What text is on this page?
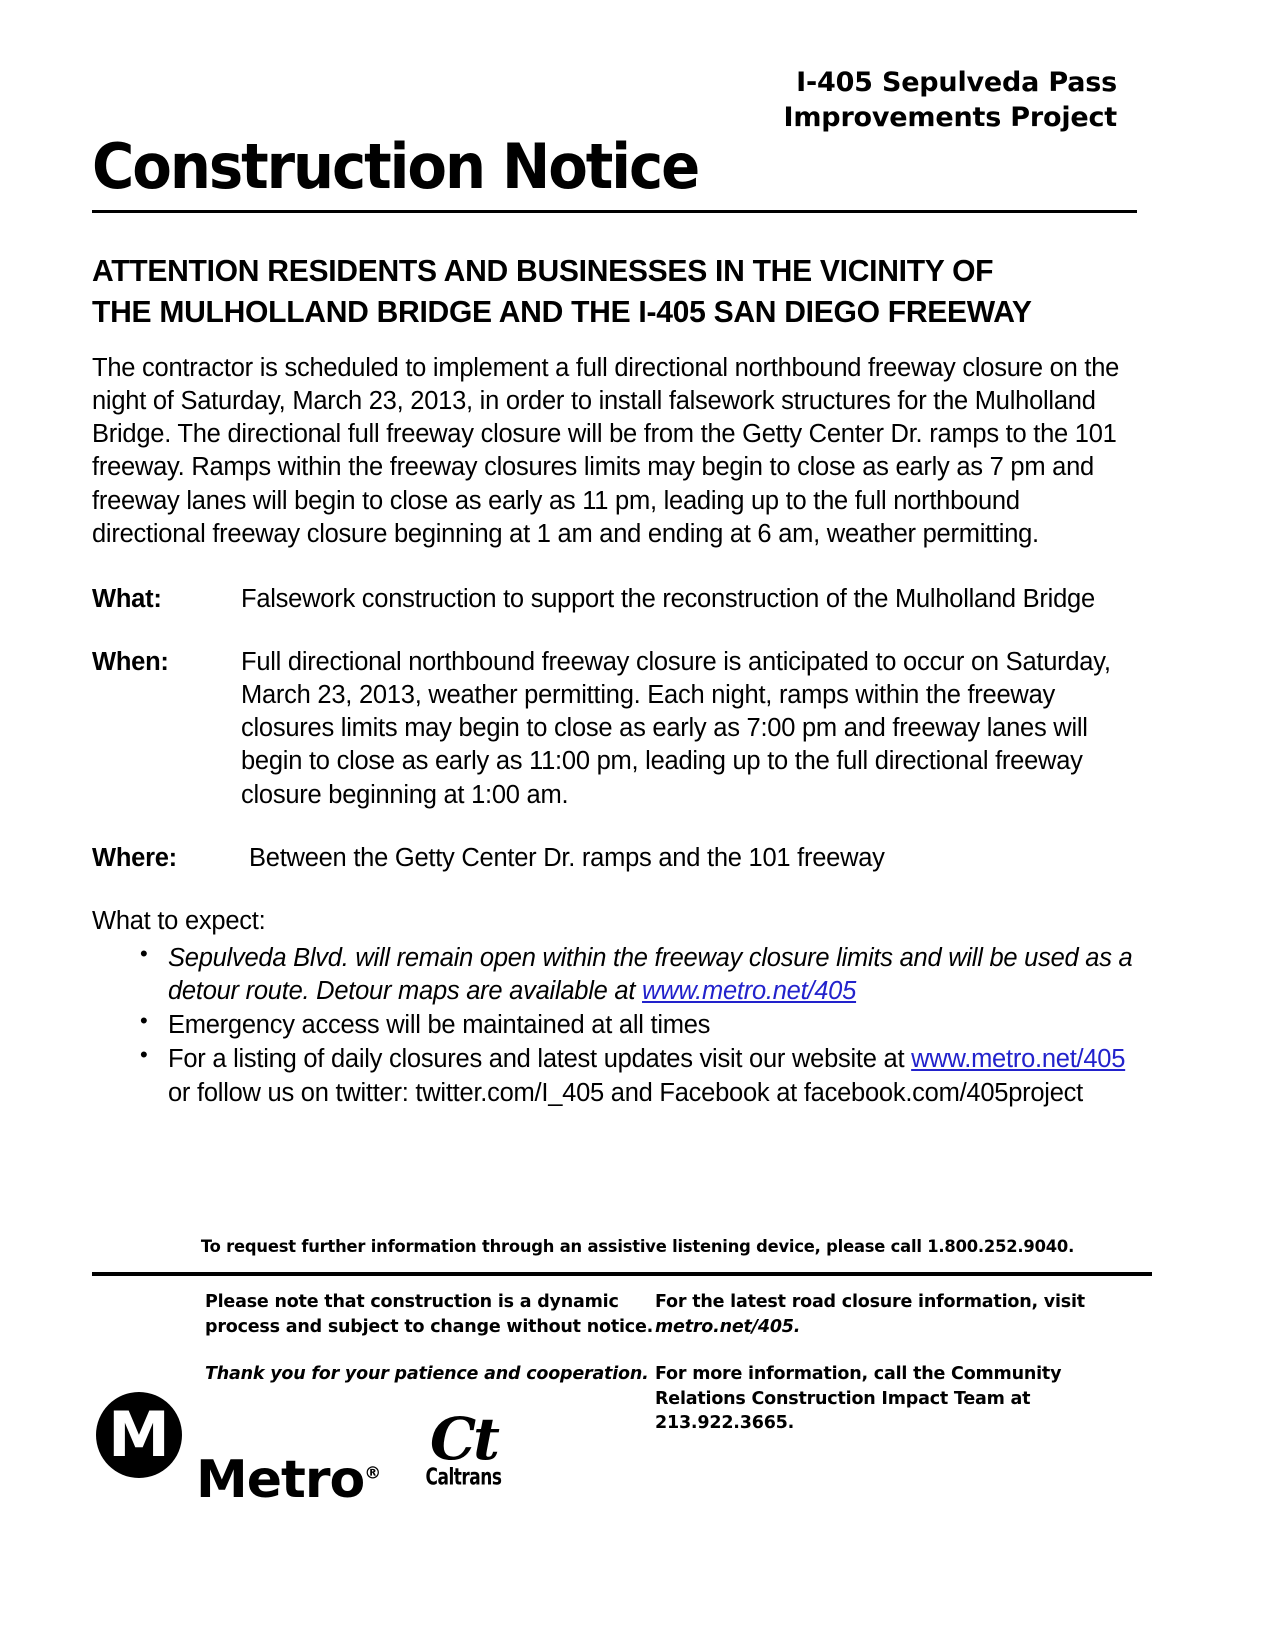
I-405 Sepulveda Pass
Improvements Project
Construction Notice
ATTENTION RESIDENTS AND BUSINESSES IN THE VICINITY OF
THE MULHOLLAND BRIDGE AND THE I-405 SAN DIEGO FREEWAY

The contractor is scheduled to implement a full directional northbound freeway closure on the night of Saturday, March 23, 2013, in order to install falsework structures for the Mulholland Bridge. The directional full freeway closure will be from the Getty Center Dr. ramps to the 101 freeway. Ramps within the freeway closures limits may begin to close as early as 7 pm and freeway lanes will begin to close as early as 11 pm, leading up to the full northbound directional freeway closure beginning at 1 am and ending at 6 am, weather permitting.

What:	Falsework construction to support the reconstruction of the Mulholland Bridge
When:	Full directional northbound freeway closure is anticipated to occur on Saturday, March 23, 2013, weather permitting. Each night, ramps within the freeway closures limits may begin to close as early as 7:00 pm and freeway lanes will begin to close as early as 11:00 pm, leading up to the full directional freeway closure beginning at 1:00 am.
Where:	Between the Getty Center Dr. ramps and the 101 freeway
What to expect:
• Sepulveda Blvd. will remain open within the freeway closure limits and will be used as a detour route. Detour maps are available at www.metro.net/405
• Emergency access will be maintained at all times
• For a listing of daily closures and latest updates visit our website at www.metro.net/405 or follow us on twitter: twitter.com/I_405 and Facebook at facebook.com/405project
To request further information through an assistive listening device, please call 1.800.252.9040.
Please note that construction is a dynamic process and subject to change without notice.
Thank you for your patience and cooperation.
For the latest road closure information, visit
metro.net/405.
For more information, call the Community Relations Construction Impact Team at 213.922.3665.
M
Metro®
Ct
Caltrans
